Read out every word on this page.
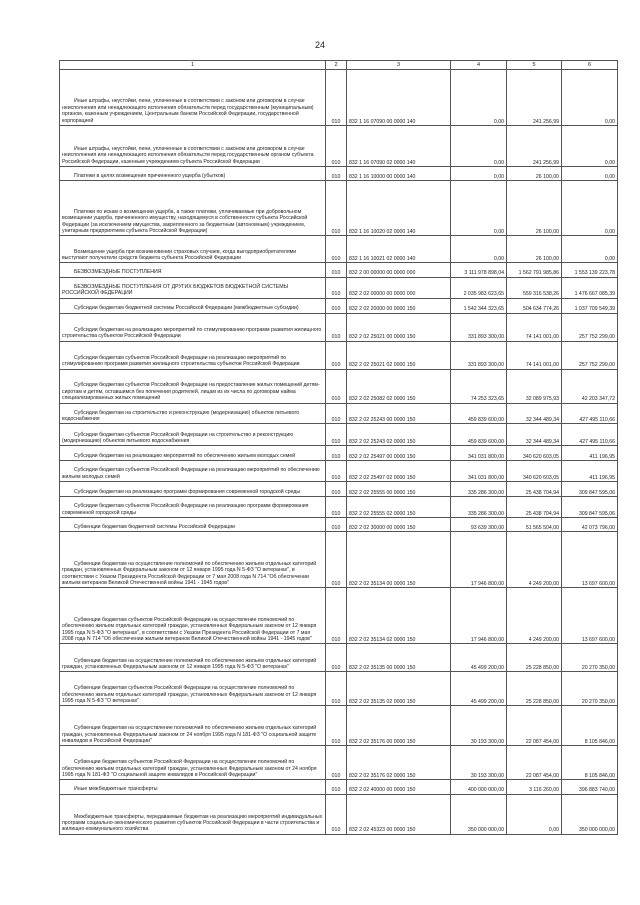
24
1	2	3	4	5	6

Иные штрафы, неустойки, пени, уплаченные в соответствии с законом или договором в случае неисполнения или ненадлежащего исполнения обязательств перед государственным (муниципальным) органом, казенным учреждением, Центральным банком Российской Федерации, государственной корпорацией	010	832 1 16 07090 00 0000 140	0,00	241 256,99	0,00

Иные штрафы, неустойки, пени, уплаченные в соответствии с законом или договором в случае неисполнения или ненадлежащего исполнения обязательств перед государственным органом субъекта Российской Федерации, казенным учреждением субъекта Российской Федерации	010	832 1 16 07090 02 0000 140	0,00	241 256,99	0,00

Платежи в целях возмещения причиненного ущерба (убытков)	010	832 1 16 10000 00 0000 140	0,00	26 100,00	0,00

Платежи по искам о возмещении ущерба, а также платежи, уплачиваемые при добровольном возмещении ущерба, причиненного имуществу, находящемуся в собственности субъекта Российской Федерации (за исключением имущества, закрепленного за бюджетным (автономным) учреждением, унитарным предприятием субъекта Российской Федерации)	010	832 1 16 10020 02 0000 140	0,00	26 100,00	0,00

Возмещение ущерба при возникновении страховых случаев, когда выгодоприобретателями выступают получатели средств бюджета субъекта Российской Федерации	010	832 1 16 10021 02 0000 140	0,00	26 100,00	0,00

БЕЗВОЗМЕЗДНЫЕ ПОСТУПЛЕНИЯ	010	832 2 00 00000 00 0000 000	3 111 978 898,04	1 562 791 985,86	1 553 139 223,78

БЕЗВОЗМЕЗДНЫЕ ПОСТУПЛЕНИЯ ОТ ДРУГИХ БЮДЖЕТОВ БЮДЖЕТНОЙ СИСТЕМЫ РОССИЙСКОЙ ФЕДЕРАЦИИ	010	832 2 02 00000 00 0000 000	2 035 983 623,65	559 316 538,26	1 476 667 085,39

Субсидии бюджетам бюджетной системы Российской Федерации (межбюджетные субсидии)	010	832 2 02 20000 00 0000 150	1 542 344 323,65	504 634 774,26	1 037 709 549,39

Субсидии бюджетам на реализацию мероприятий по стимулированию программ развития жилищного строительства субъектов Российской Федерации	010	832 2 02 25021 00 0000 150	331 893 300,00	74 141 001,00	257 752 299,00

Субсидии бюджетам субъектов Российской Федерации на реализацию мероприятий по стимулированию программ развития жилищного строительства субъектов Российской Федерации	010	832 2 02 25021 02 0000 150	331 893 300,00	74 141 001,00	257 752 299,00

Субсидии бюджетам субъектов Российской Федерации на предоставление жилых помещений детям-сиротам и детям, оставшимся без попечения родителей, лицам из их числа по договорам найма специализированных жилых помещений	010	832 2 02 25082 02 0000 150	74 253 323,65	32 089 975,93	42 203 347,72

Субсидии бюджетам на строительство и реконструкцию (модернизацию) объектов питьевого водоснабжения	010	832 2 02 25243 00 0000 150	459 839 600,00	32 344 489,34	427 495 110,66

Субсидии бюджетам субъектов Российской Федерации на строительство и реконструкцию (модернизацию) объектов питьевого водоснабжения	010	832 2 02 25243 02 0000 150	459 839 600,00	32 344 489,34	427 495 110,66

Субсидии бюджетам на реализацию мероприятий по обеспечению жильем молодых семей	010	832 2 02 25497 00 0000 150	341 031 800,00	340 620 603,05	411 196,95

Субсидии бюджетам субъектов Российской Федерации на реализацию мероприятий по обеспечению жильем молодых семей	010	832 2 02 25497 02 0000 150	341 031 800,00	340 620 603,05	411 196,95

Субсидии бюджетам на реализацию программ формирования современной городской среды	010	832 2 02 25555 00 0000 150	335 286 300,00	25 438 704,94	309 847 595,06

Субсидии бюджетам субъектов Российской Федерации на реализацию программ формирования современной городской среды	010	832 2 02 25555 02 0000 150	335 286 300,00	25 438 704,94	309 847 595,06

Субвенции бюджетам бюджетной системы Российской Федерации	010	832 2 02 30000 00 0000 150	93 639 300,00	51 565 504,00	42 073 796,00

Субвенции бюджетам на осуществление полномочий по обеспечению жильем отдельных категорий граждан, установленных Федеральным законом от 12 января 1995 года N 5-ФЗ "О ветеранах", в соответствии с Указом Президента Российской Федерации от 7 мая 2008 года N 714 "Об обеспечении жильем ветеранов Великой Отечественной войны 1941 - 1945 годов"	010	832 2 02 35134 00 0000 150	17 946 800,00	4 249 200,00	13 697 600,00

Субвенции бюджетам субъектов Российской Федерации на осуществление полномочий по обеспечению жильем отдельных категорий граждан, установленных Федеральным законом от 12 января 1995 года N 5-ФЗ "О ветеранах", в соответствии с Указом Президента Российской Федерации от 7 мая 2008 года N 714 "Об обеспечении жильем ветеранов Великой Отечественной войны 1941 - 1945 годов"	010	832 2 02 35134 02 0000 150	17 946 800,00	4 249 200,00	13 697 600,00

Субвенции бюджетам на осуществление полномочий по обеспечению жильем отдельных категорий граждан, установленных Федеральным законом от 12 января 1995 года N 5-ФЗ "О ветеранах"	010	832 2 02 35135 00 0000 150	45 499 200,00	25 228 850,00	20 270 350,00

Субвенции бюджетам субъектов Российской Федерации на осуществление полномочий по обеспечению жильем отдельных категорий граждан, установленных Федеральным законом от 12 января 1995 года N 5-ФЗ "О ветеранах"	010	832 2 02 35135 02 0000 150	45 499 200,00	25 228 850,00	20 270 350,00

Субвенции бюджетам на осуществление полномочий по обеспечению жильем отдельных категорий граждан, установленных Федеральным законом от 24 ноября 1995 года N 181-ФЗ "О социальной защите инвалидов в Российской Федерации"	010	832 2 02 35176 00 0000 150	30 193 300,00	22 087 454,00	8 105 846,00

Субвенции бюджетам субъектов Российской Федерации на осуществление полномочий по обеспечению жильем отдельных категорий граждан, установленных Федеральным законом от 24 ноября 1995 года N 181-ФЗ "О социальной защите инвалидов в Российской Федерации"	010	832 2 02 35176 02 0000 150	30 193 300,00	22 087 454,00	8 105 846,00

Иные межбюджетные трансферты	010	832 2 02 40000 00 0000 150	400 000 000,00	3 116 260,00	396 883 740,00

Межбюджетные трансферты, передаваемые бюджетам на реализацию мероприятий индивидуальных программ социально-экономического развития субъектов Российской Федерации в части строительства и жилищно-коммунального хозяйства	010	832 2 02 45323 00 0000 150	350 000 000,00	0,00	350 000 000,00
